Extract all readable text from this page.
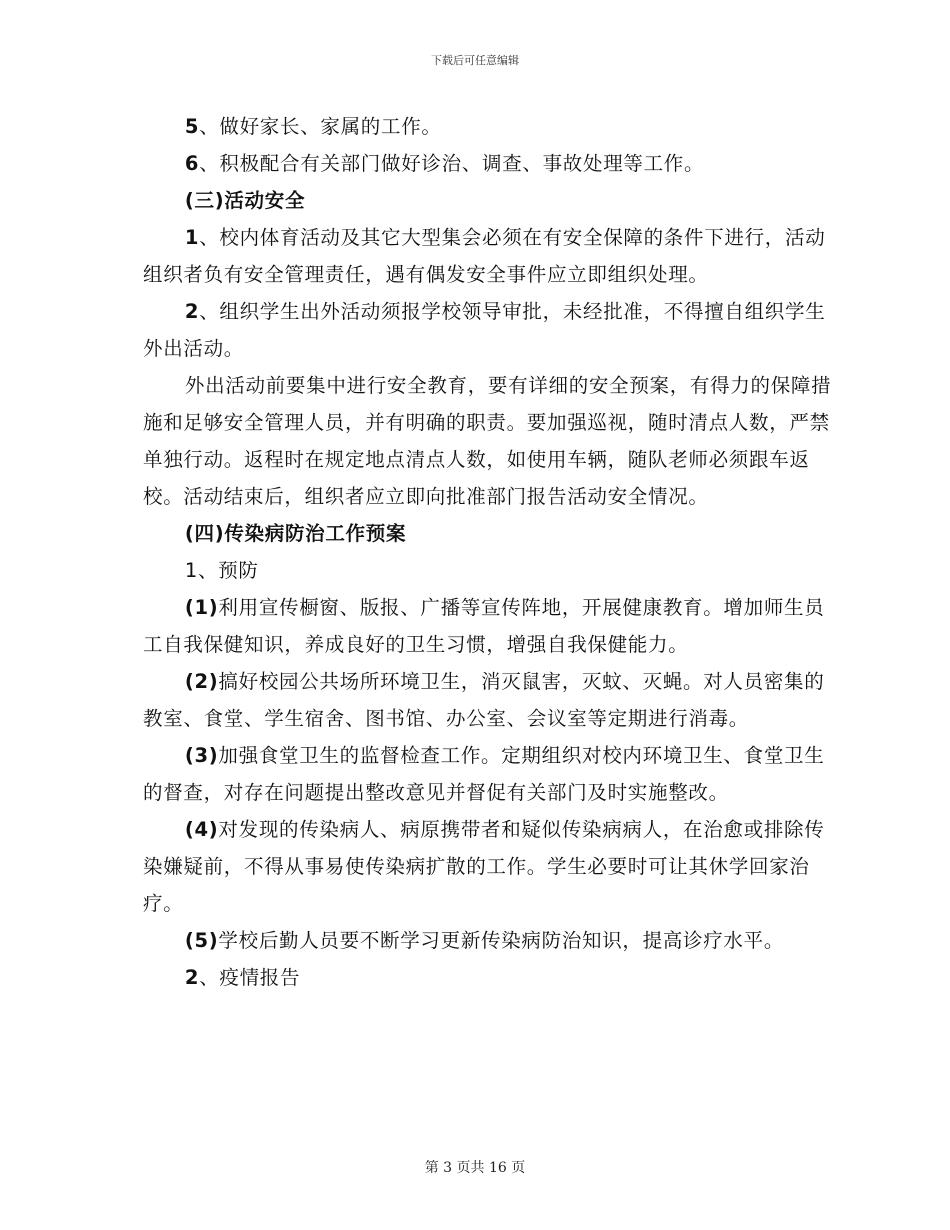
下载后可任意编辑

5、做好家长、家属的工作。

6、积极配合有关部门做好诊治、调查、事故处理等工作。

(三)活动安全

1、校内体育活动及其它大型集会必须在有安全保障的条件下进行，活动组织者负有安全管理责任，遇有偶发安全事件应立即组织处理。

2、组织学生出外活动须报学校领导审批，未经批准，不得擅自组织学生外出活动。

外出活动前要集中进行安全教育，要有详细的安全预案，有得力的保障措施和足够安全管理人员，并有明确的职责。要加强巡视，随时清点人数，严禁单独行动。返程时在规定地点清点人数，如使用车辆，随队老师必须跟车返校。活动结束后，组织者应立即向批准部门报告活动安全情况。

(四)传染病防治工作预案

1、预防

(1)利用宣传橱窗、版报、广播等宣传阵地，开展健康教育。增加师生员工自我保健知识，养成良好的卫生习惯，增强自我保健能力。

(2)搞好校园公共场所环境卫生，消灭鼠害，灭蚊、灭蝇。对人员密集的教室、食堂、学生宿舍、图书馆、办公室、会议室等定期进行消毒。

(3)加强食堂卫生的监督检查工作。定期组织对校内环境卫生、食堂卫生的督查，对存在问题提出整改意见并督促有关部门及时实施整改。

(4)对发现的传染病人、病原携带者和疑似传染病病人，在治愈或排除传染嫌疑前，不得从事易使传染病扩散的工作。学生必要时可让其休学回家治疗。

(5)学校后勤人员要不断学习更新传染病防治知识，提高诊疗水平。

2、疫情报告

第 3 页共 16 页
